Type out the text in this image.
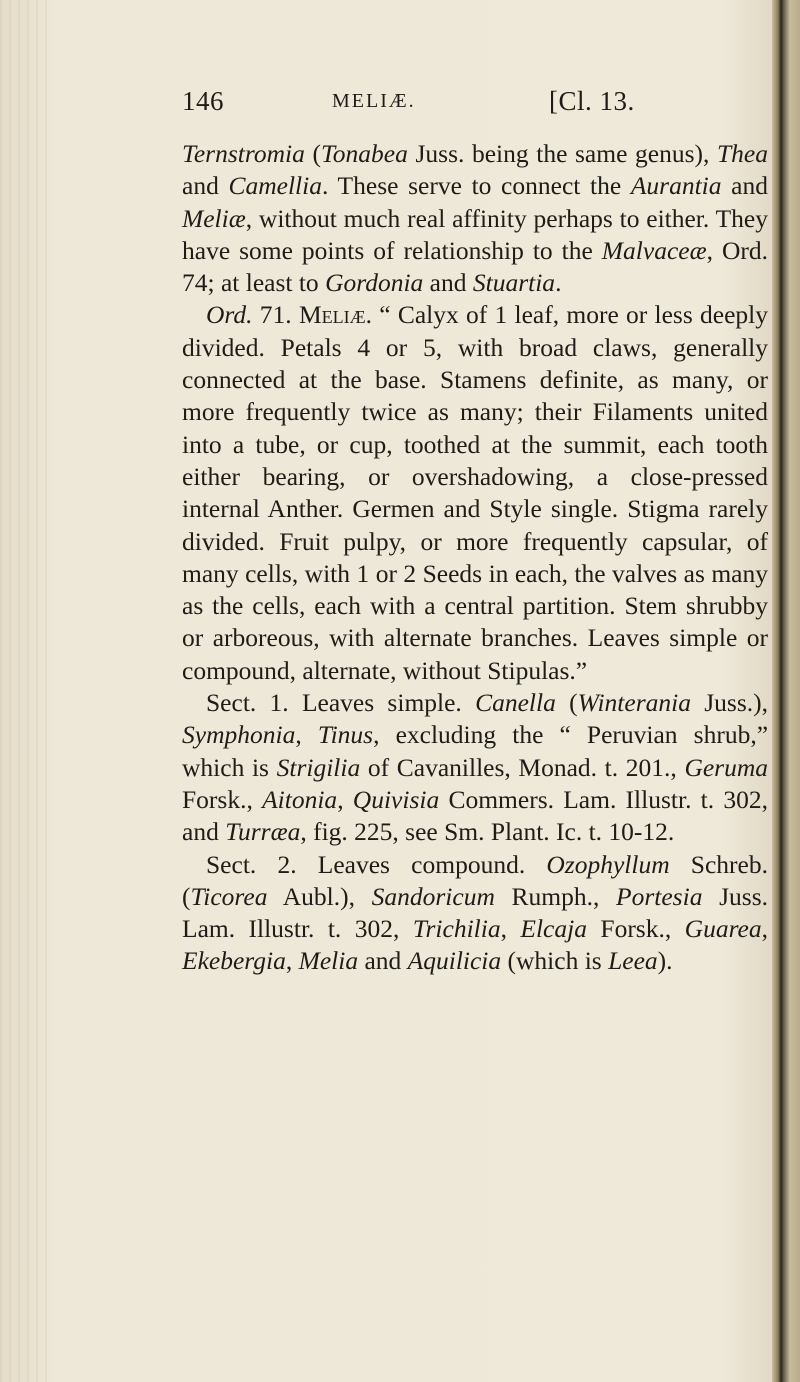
146	MELIÆ.	[Cl. 13.

Ternstromia (Tonabea Juss. being the same genus), Thea and Camellia. These serve to connect the Aurantia and Meliæ, without much real affinity perhaps to either. They have some points of relationship to the Malvaceæ, Ord. 74; at least to Gordonia and Stuartia.

Ord. 71. Meliæ. “ Calyx of 1 leaf, more or less deeply divided. Petals 4 or 5, with broad claws, generally connected at the base. Stamens definite, as many, or more frequently twice as many; their Filaments united into a tube, or cup, toothed at the summit, each tooth either bearing, or overshadowing, a close-pressed internal Anther. Germen and Style single. Stigma rarely divided. Fruit pulpy, or more frequently capsular, of many cells, with 1 or 2 Seeds in each, the valves as many as the cells, each with a central partition. Stem shrubby or arboreous, with alternate branches. Leaves simple or compound, alternate, without Stipulas.”

Sect. 1. Leaves simple. Canella (Winterania Juss.), Symphonia, Tinus, excluding the “ Peruvian shrub,” which is Strigilia of Cavanilles, Monad. t. 201., Geruma Forsk., Aitonia, Quivisia Commers. Lam. Illustr. t. 302, and Turræa, fig. 225, see Sm. Plant. Ic. t. 10-12.

Sect. 2. Leaves compound. Ozophyllum Schreb. (Ticorea Aubl.), Sandoricum Rumph., Portesia Juss. Lam. Illustr. t. 302, Trichilia, Elcaja Forsk., Guarea, Ekebergia, Melia and Aquilicia (which is Leea).
